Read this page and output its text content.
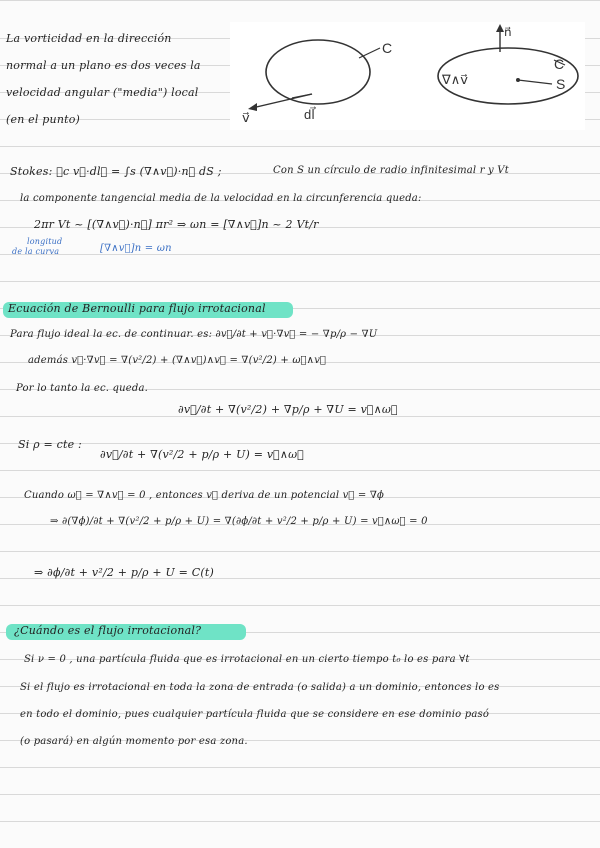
La vorticidad en la dirección
normal a un plano es dos veces la
velocidad angular ("media") local
(en el punto)
C
v⃗	dl⃗
n⃗
∇∧v⃗
C
S
Stokes: ∮c v⃗·dl⃗ = ∫s (∇∧v⃗)·n⃗ dS ;	Con S un círculo de radio infinitesimal r y Vt
la componente tangencial media de la velocidad en la circunferencia queda:
2πr Vt ~ [(∇∧v⃗)·n⃗] πr² ⇒ ωn = [∇∧v⃗]n ~ 2 Vt/r
longitud
de la curva	[∇∧v⃗]n = ωn
Ecuación de Bernoulli para flujo irrotacional
Para flujo ideal la ec. de continuar. es: ∂v⃗/∂t + v⃗·∇v⃗ = − ∇p/ρ − ∇U
además v⃗·∇v⃗ = ∇(v²/2) + (∇∧v⃗)∧v⃗ = ∇(v²/2) + ω⃗∧v⃗
Por lo tanto la ec. queda.
∂v⃗/∂t + ∇(v²/2) + ∇p/ρ + ∇U = v⃗∧ω⃗
Si ρ = cte :
∂v⃗/∂t + ∇(v²/2 + p/ρ + U) = v⃗∧ω⃗
Cuando ω⃗ = ∇∧v⃗ = 0 , entonces v⃗ deriva de un potencial v⃗ = ∇ϕ
⇒ ∂(∇ϕ)/∂t + ∇(v²/2 + p/ρ + U) = ∇(∂ϕ/∂t + v²/2 + p/ρ + U) = v⃗∧ω⃗ = 0
⇒ ∂ϕ/∂t + v²/2 + p/ρ + U = C(t)
¿Cuándo es el flujo irrotacional?
Si ν = 0 , una partícula fluida que es irrotacional en un cierto tiempo t₀ lo es para ∀t
Si el flujo es irrotacional en toda la zona de entrada (o salida) a un dominio, entonces lo es
en todo el dominio, pues cualquier partícula fluida que se considere en ese dominio pasó
(o pasará) en algún momento por esa zona.
